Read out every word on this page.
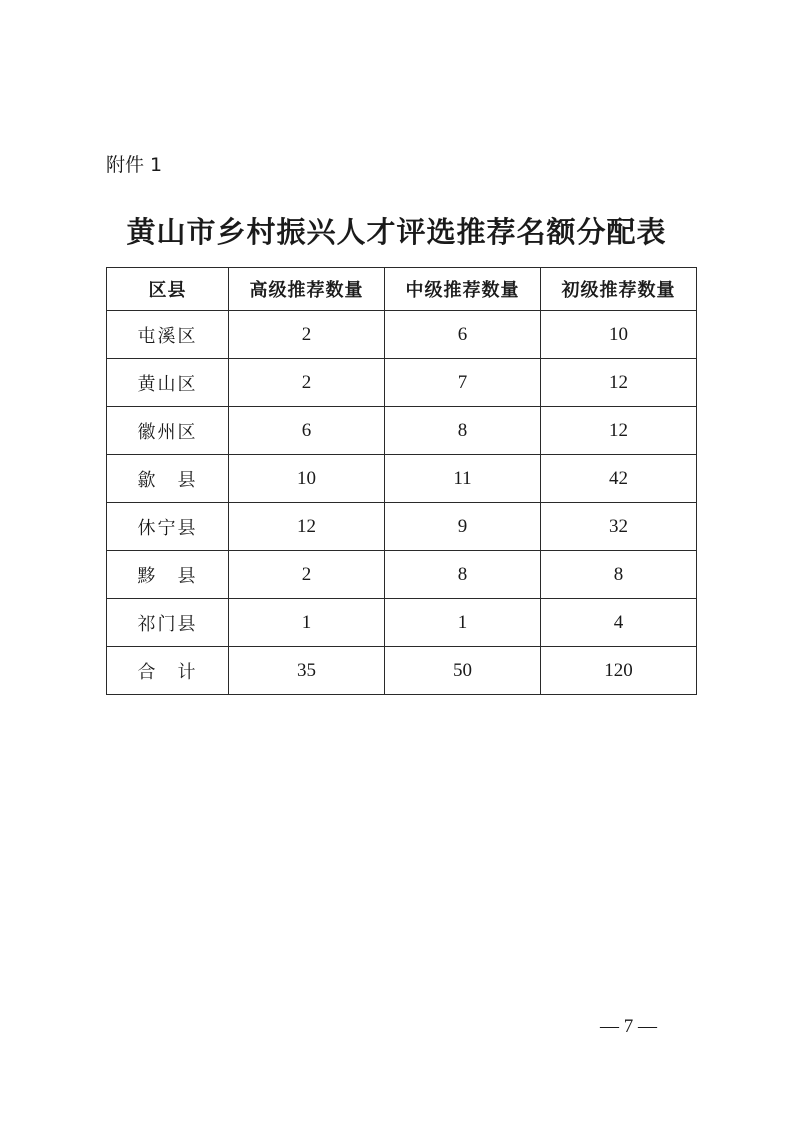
附件 1
黄山市乡村振兴人才评选推荐名额分配表
区县	高级推荐数量	中级推荐数量	初级推荐数量
屯溪区	2	6	10
黄山区	2	7	12
徽州区	6	8	12
歙　县	10	11	42
休宁县	12	9	32
黟　县	2	8	8
祁门县	1	1	4
合　计	35	50	120
— 7 —
